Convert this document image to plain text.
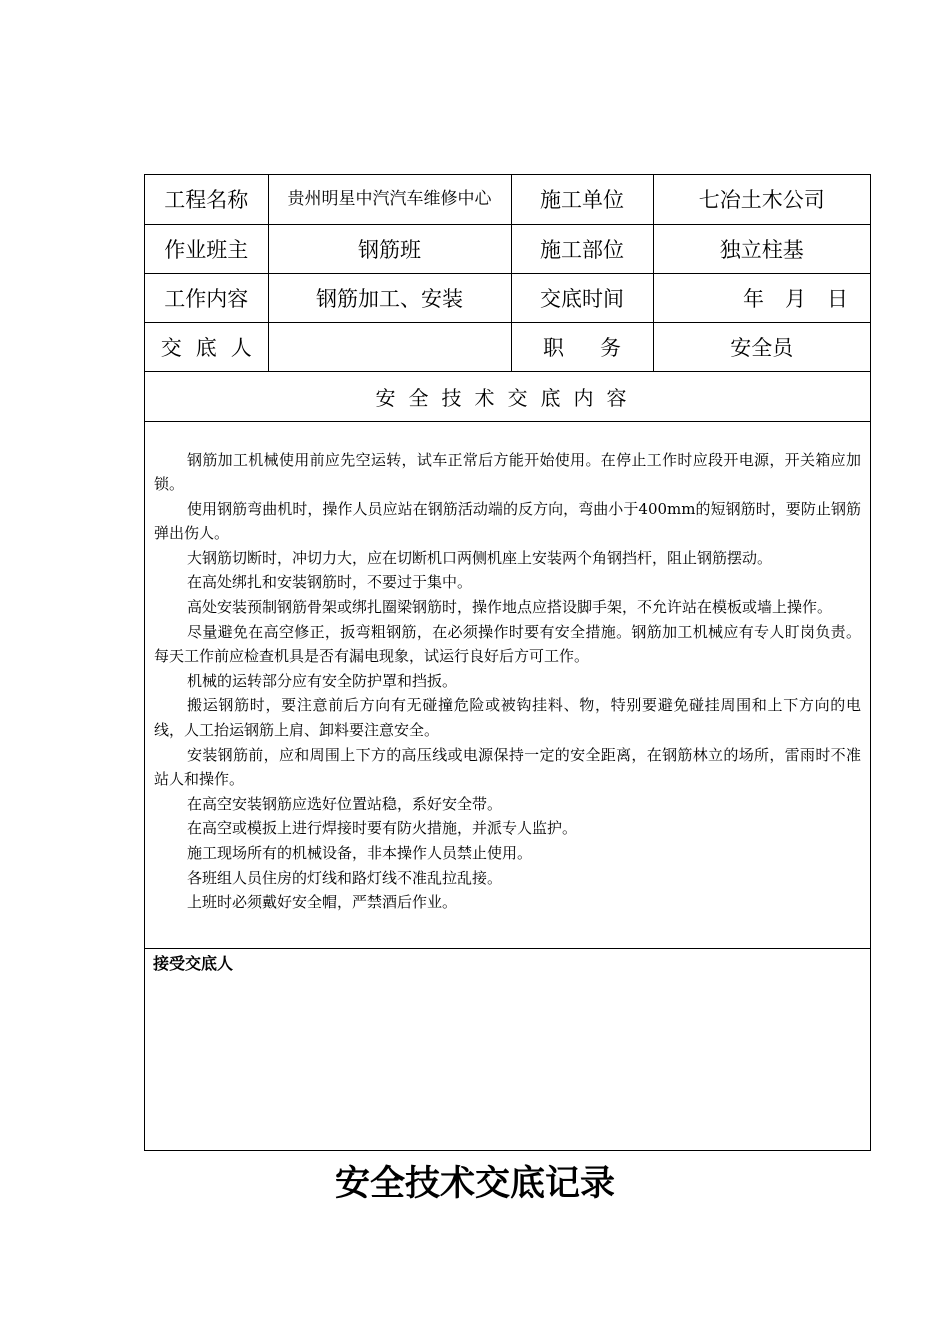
工程名称	贵州明星中汽汽车维修中心	施工单位	七冶土木公司
作业班主	钢筋班	施工部位	独立柱基
工作内容	钢筋加工、安装	交底时间	年　月　日
交底人		职务	安全员
安全技术交底内容

钢筋加工机械使用前应先空运转，试车正常后方能开始使用。在停止工作时应段开电源，开关箱应加锁。

使用钢筋弯曲机时，操作人员应站在钢筋活动端的反方向，弯曲小于400mm的短钢筋时，要防止钢筋弹出伤人。

大钢筋切断时，冲切力大，应在切断机口两侧机座上安装两个角钢挡杆，阻止钢筋摆动。

在高处绑扎和安装钢筋时，不要过于集中。

高处安装预制钢筋骨架或绑扎圈梁钢筋时，操作地点应搭设脚手架，不允许站在模板或墙上操作。

尽量避免在高空修正，扳弯粗钢筋，在必须操作时要有安全措施。钢筋加工机械应有专人盯岗负责。每天工作前应检查机具是否有漏电现象，试运行良好后方可工作。

机械的运转部分应有安全防护罩和挡扳。

搬运钢筋时，要注意前后方向有无碰撞危险或被钩挂料、物，特别要避免碰挂周围和上下方向的电线，人工抬运钢筋上肩、卸料要注意安全。

安装钢筋前，应和周围上下方的高压线或电源保持一定的安全距离，在钢筋林立的场所，雷雨时不准站人和操作。

在高空安装钢筋应选好位置站稳，系好安全带。

在高空或模扳上进行焊接时要有防火措施，并派专人监护。

施工现场所有的机械设备，非本操作人员禁止使用。

各班组人员住房的灯线和路灯线不准乱拉乱接。

上班时必须戴好安全帽，严禁酒后作业。

接受交底人
安全技术交底记录
